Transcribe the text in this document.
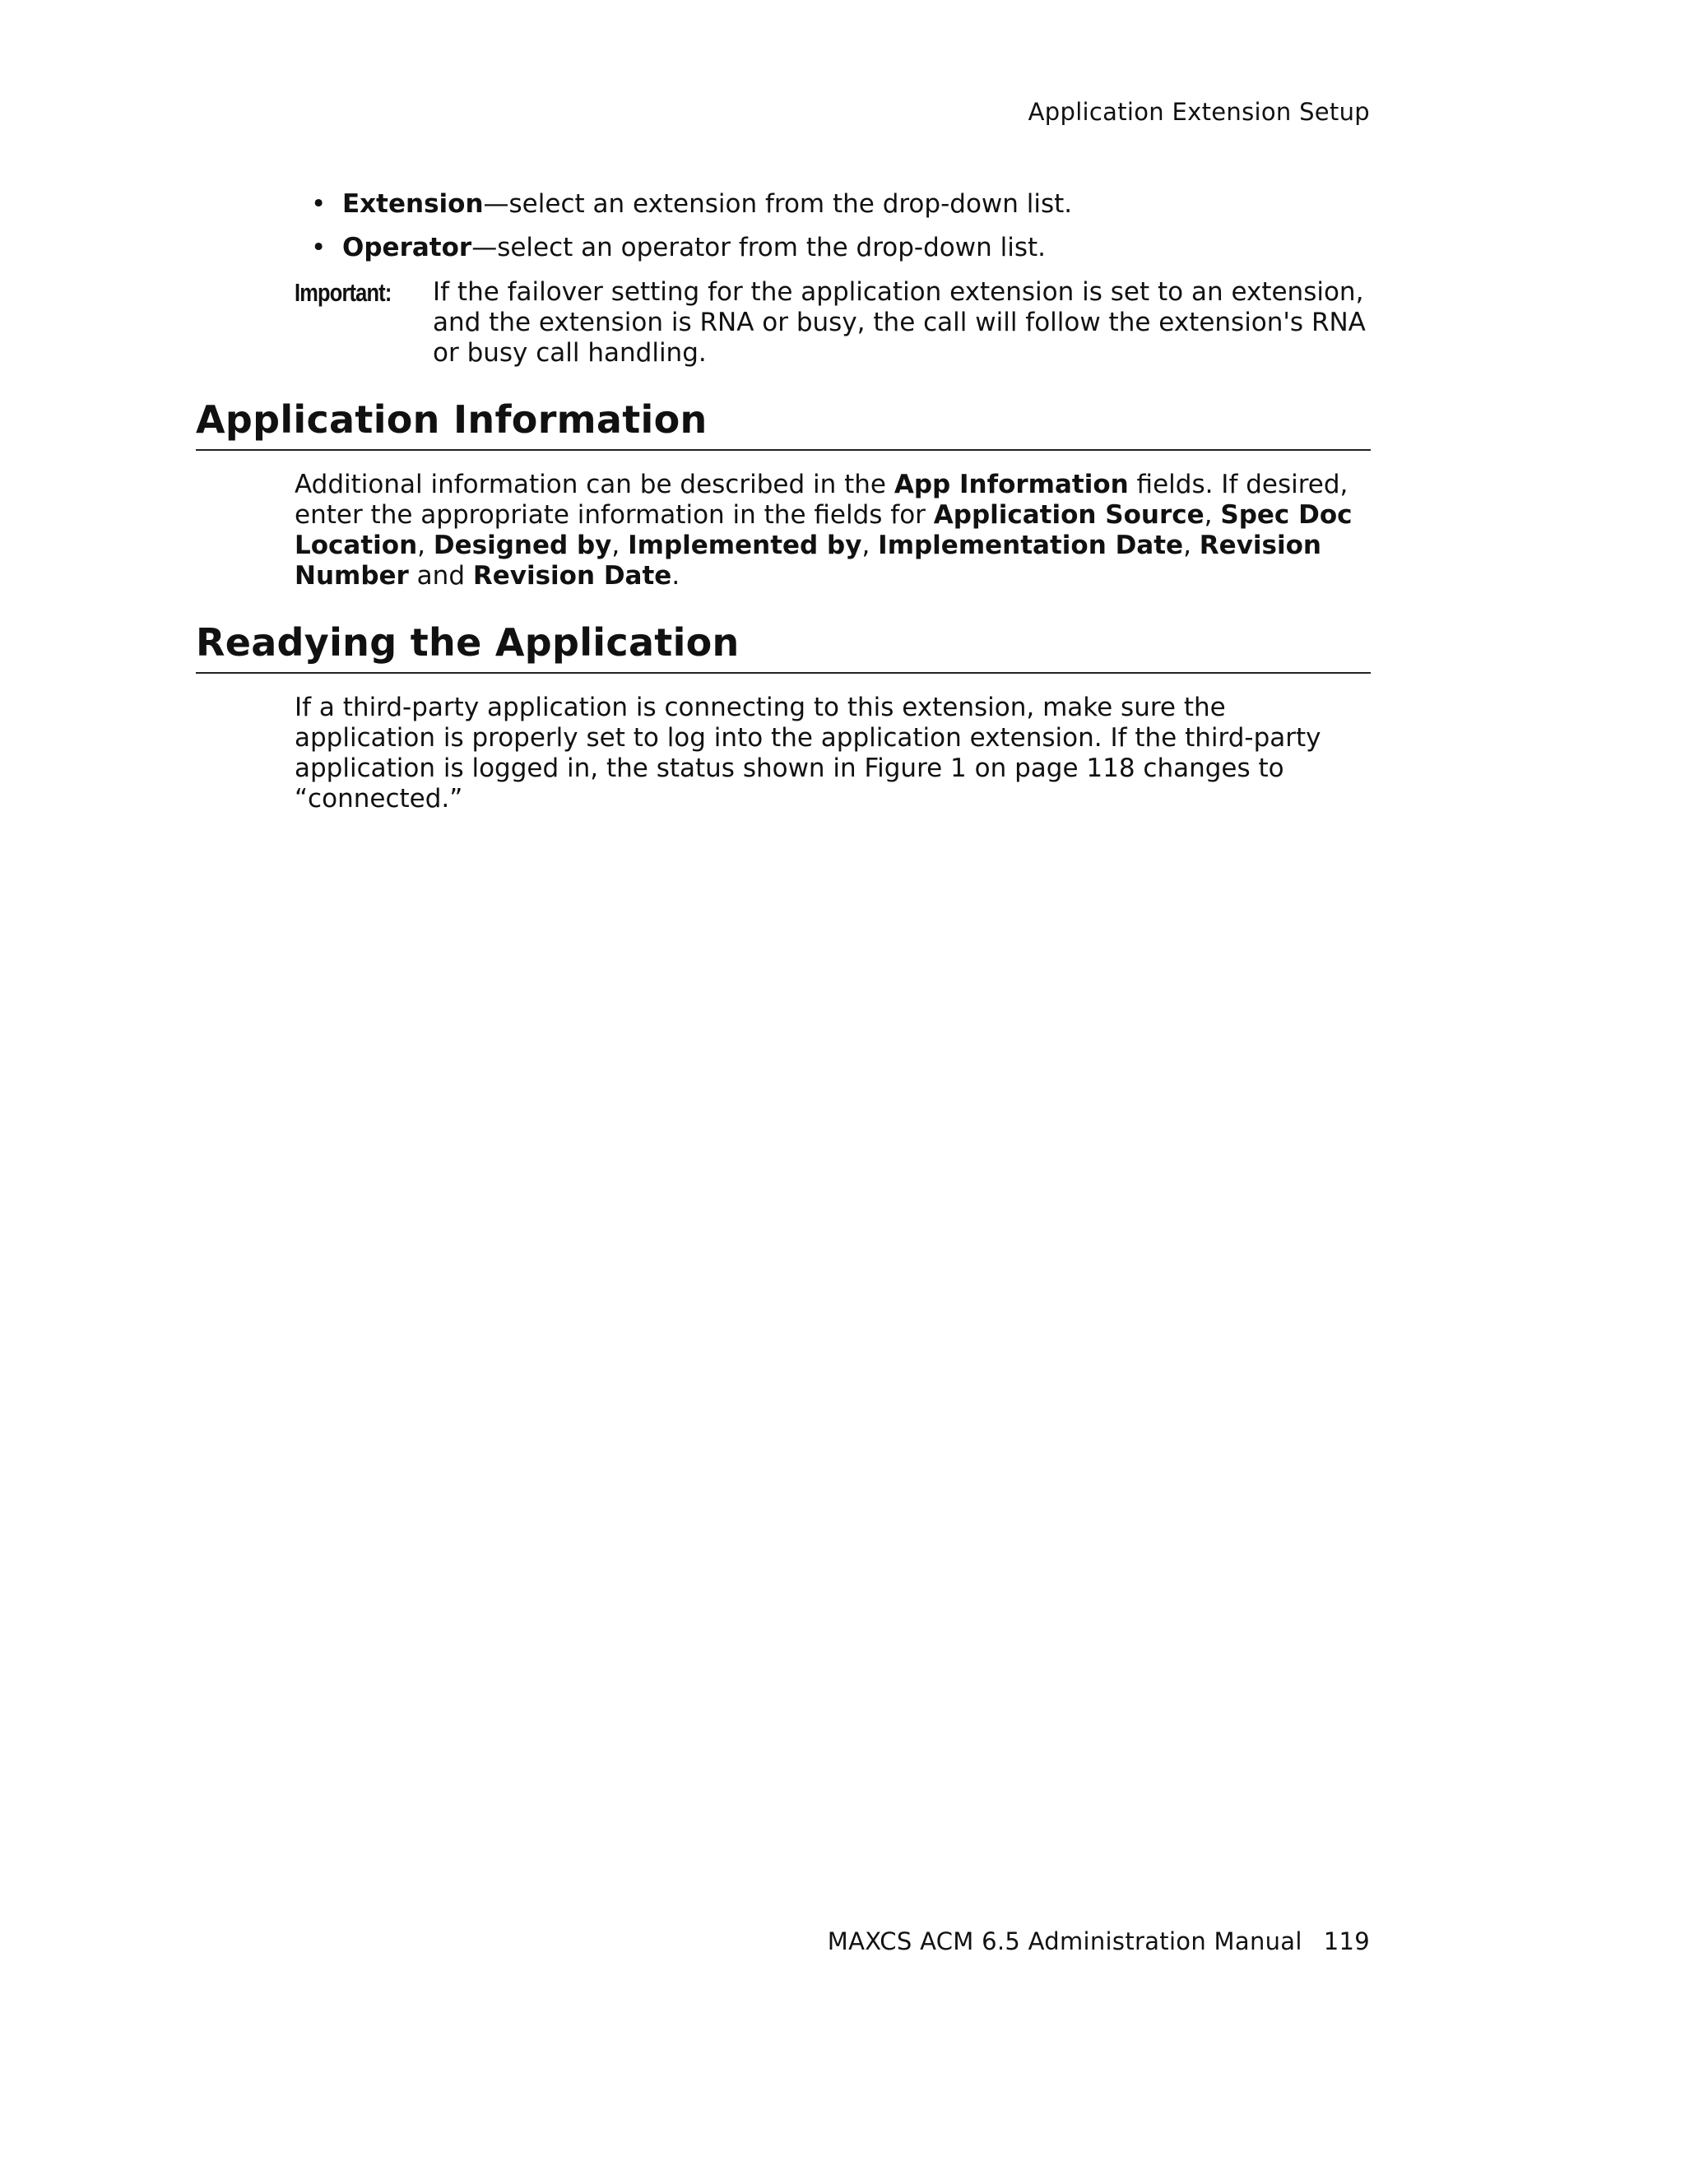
Application Extension Setup
• Extension—select an extension from the drop-down list.
• Operator—select an operator from the drop-down list.
Important: If the failover setting for the application extension is set to an extension, and the extension is RNA or busy, the call will follow the extension's RNA or busy call handling.
Application Information

Additional information can be described in the App Information fields. If desired, enter the appropriate information in the fields for Application Source, Spec Doc Location, Designed by, Implemented by, Implementation Date, Revision Number and Revision Date.

Readying the Application

If a third-party application is connecting to this extension, make sure the application is properly set to log into the application extension. If the third-party application is logged in, the status shown in Figure 1 on page 118 changes to “connected.”

MAXCS ACM 6.5 Administration Manual 119
